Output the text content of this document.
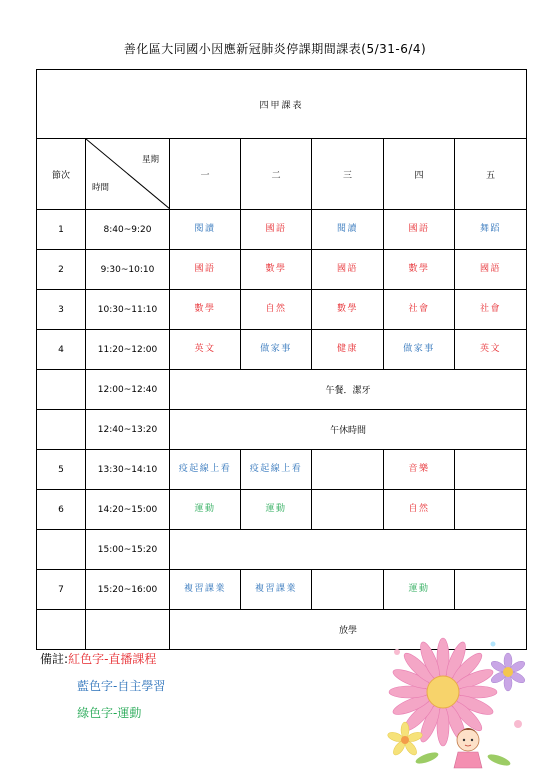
善化區大同國小因應新冠肺炎停課期間課表(5/31-6/4)
四甲課表						
節次	星期
時間	一	二	三	四	五
1	8:40~9:20	閱讀	國語	閱讀	國語	舞蹈
2	9:30~10:10	國語	數學	國語	數學	國語
3	10:30~11:10	數學	自然	數學	社會	社會
4	11:20~12:00	英文	做家事	健康	做家事	英文
	12:00~12:40	午餐．潔牙				
	12:40~13:20	午休時間				
5	13:30~14:10	疫起線上看	疫起線上看		音樂	
6	14:20~15:00	運動	運動		自然	
	15:00~15:20					
7	15:20~16:00	複習課業	複習課業		運動	
		放學				
備註:紅色字-直播課程
藍色字-自主學習
綠色字-運動
